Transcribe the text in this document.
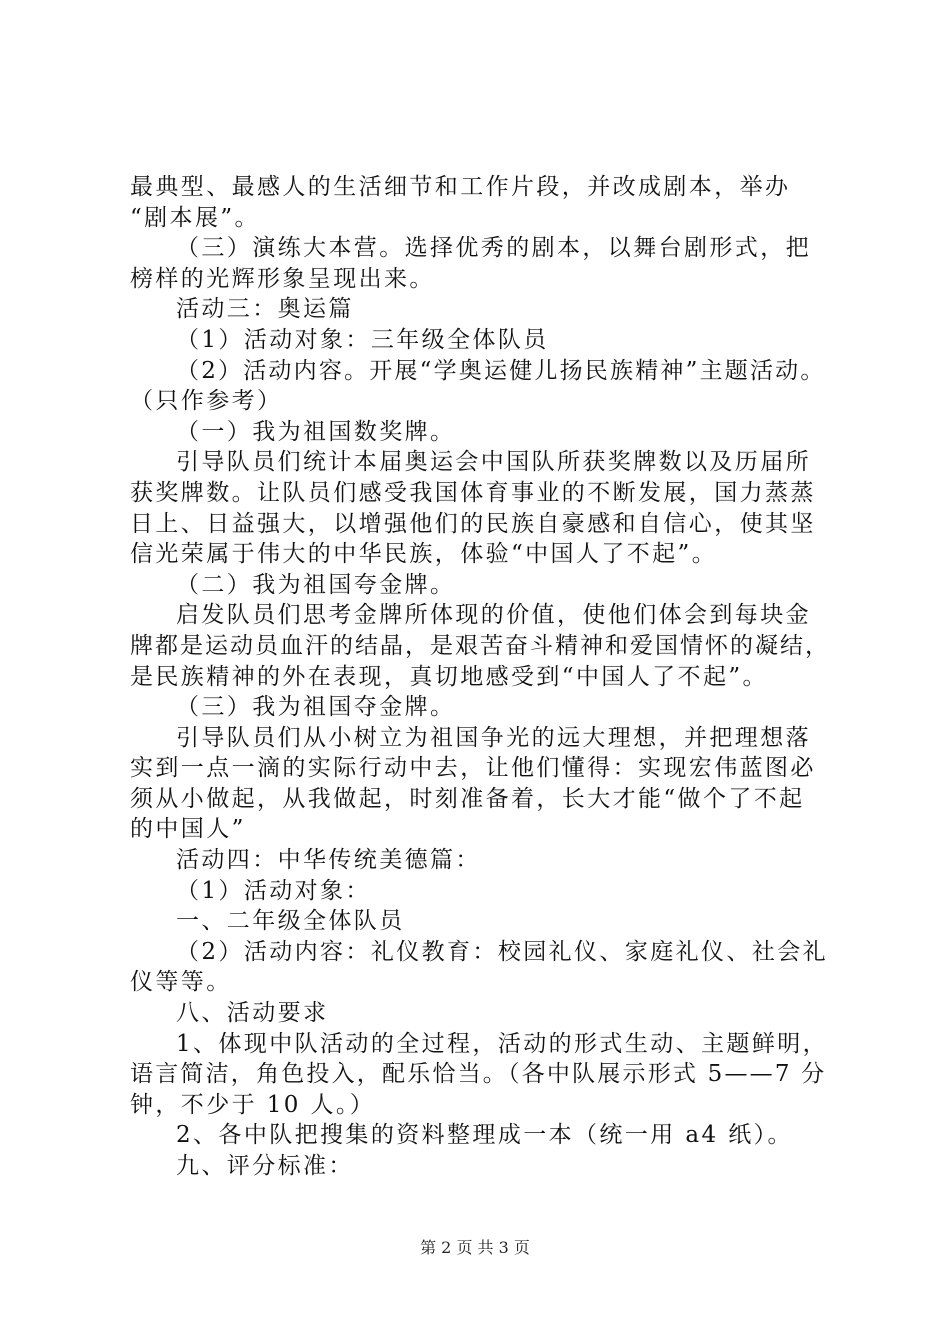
最典型、最感人的生活细节和工作片段，并改成剧本，举办
“剧本展”。
（三）演练大本营。选择优秀的剧本，以舞台剧形式，把
榜样的光辉形象呈现出来。
活动三：奥运篇
（1）活动对象：三年级全体队员
（2）活动内容。开展“学奥运健儿扬民族精神”主题活动。
（只作参考）
（一）我为祖国数奖牌。
引导队员们统计本届奥运会中国队所获奖牌数以及历届所
获奖牌数。让队员们感受我国体育事业的不断发展，国力蒸蒸
日上、日益强大，以增强他们的民族自豪感和自信心，使其坚
信光荣属于伟大的中华民族，体验“中国人了不起”。
（二）我为祖国夸金牌。
启发队员们思考金牌所体现的价值，使他们体会到每块金
牌都是运动员血汗的结晶，是艰苦奋斗精神和爱国情怀的凝结，
是民族精神的外在表现，真切地感受到“中国人了不起”。
（三）我为祖国夺金牌。
引导队员们从小树立为祖国争光的远大理想，并把理想落
实到一点一滴的实际行动中去，让他们懂得：实现宏伟蓝图必
须从小做起，从我做起，时刻准备着，长大才能“做个了不起
的中国人”
活动四：中华传统美德篇：
（1）活动对象：
一、二年级全体队员
（2）活动内容：礼仪教育：校园礼仪、家庭礼仪、社会礼
仪等等。
八、活动要求
1、体现中队活动的全过程，活动的形式生动、主题鲜明，
语言简洁，角色投入，配乐恰当。（各中队展示形式 5——7 分
钟，不少于 10 人。）
2、各中队把搜集的资料整理成一本（统一用 a4 纸）。
九、评分标准：
第 2 页 共 3 页
